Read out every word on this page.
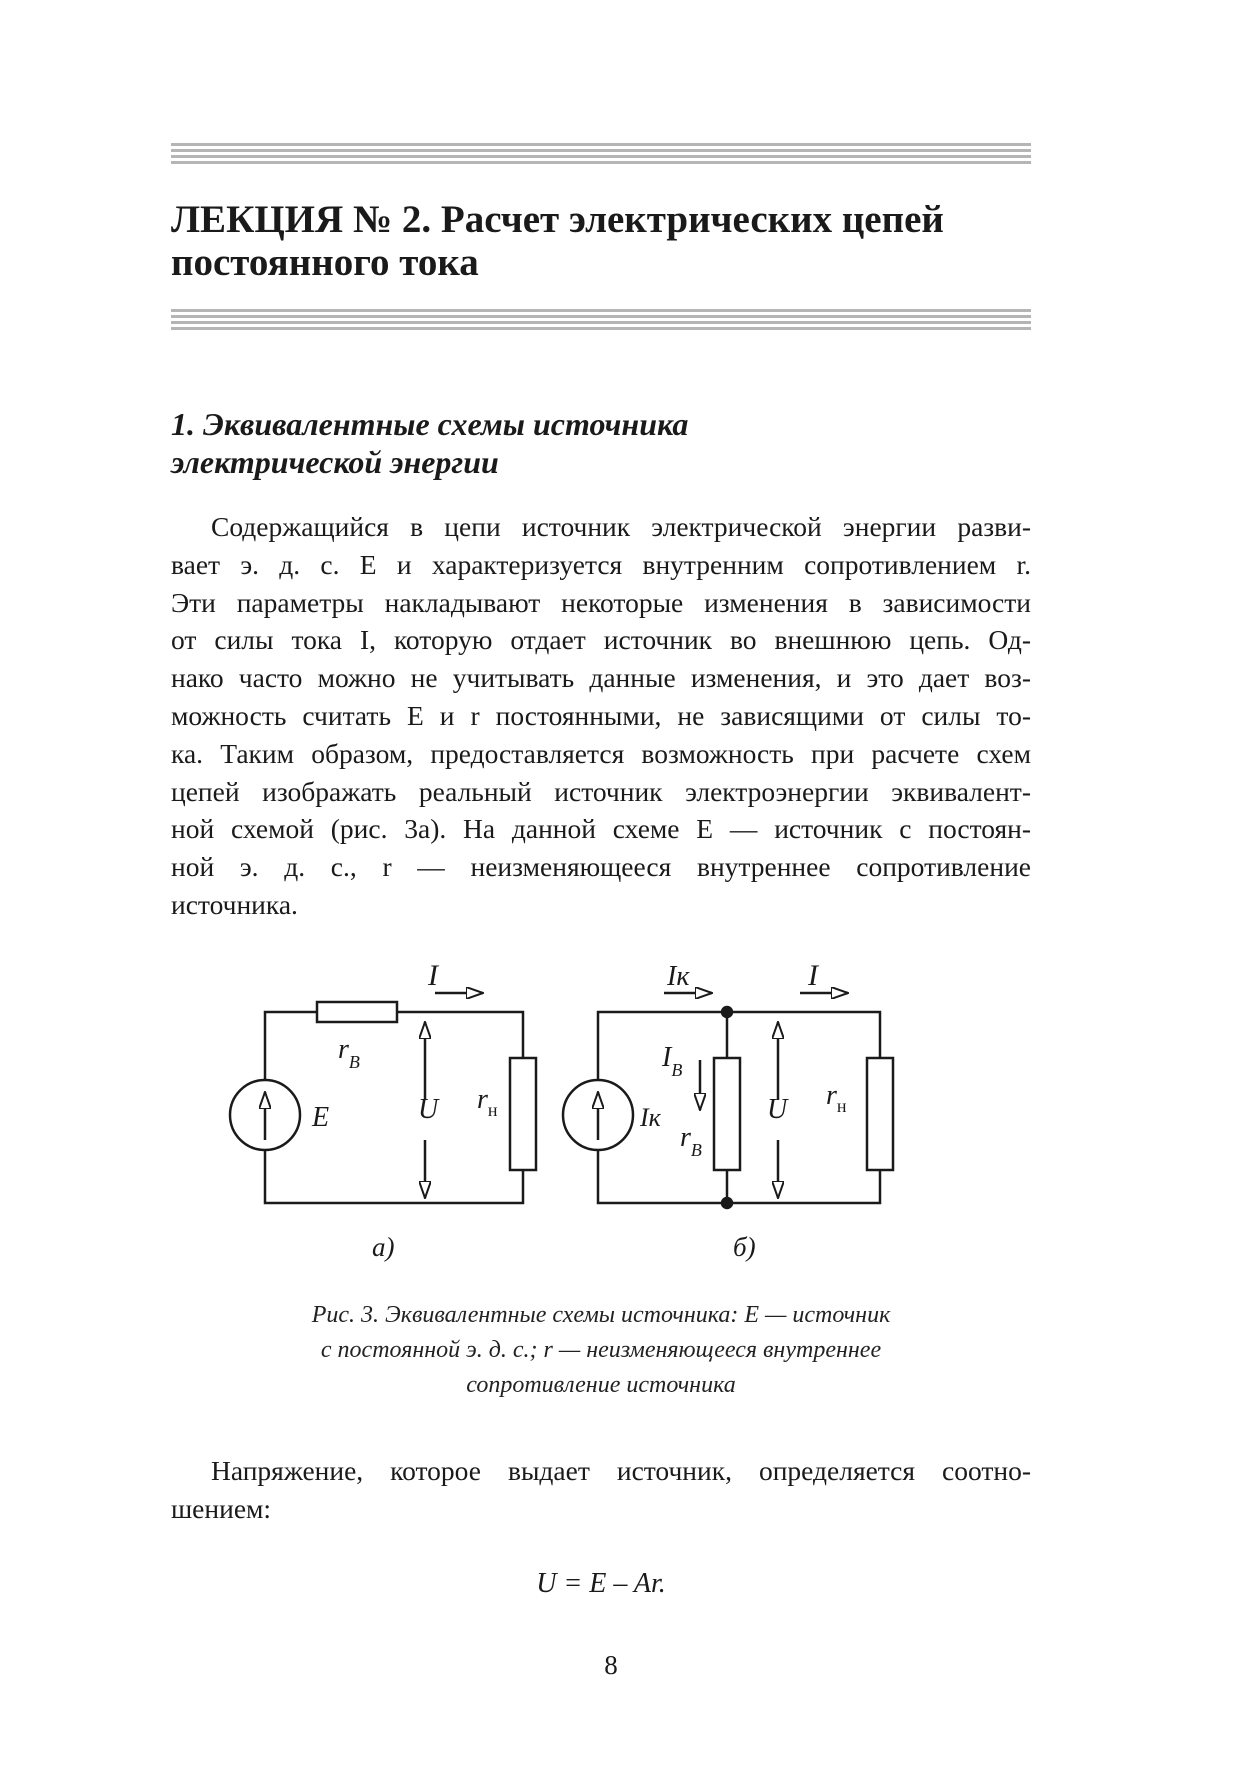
ЛЕКЦИЯ № 2. Расчет электрических цепей
постоянного тока
1. Эквивалентные схемы источника
электрической энергии
Содержащийся в цепи источник электрической энергии разви-
вает э. д. с. E и характеризуется внутренним сопротивлением r.
Эти параметры накладывают некоторые изменения в зависимости
от силы тока I, которую отдает источник во внешнюю цепь. Од-
нако часто можно не учитывать данные изменения, и это дает воз-
можность считать E и r постоянными, не зависящими от силы то-
ка. Таким образом, предоставляется возможность при расчете схем
цепей изображать реальный источник электроэнергии эквивалент-
ной схемой (рис. 3а). На данной схеме E — источник с постоян-
ной э. д. с., r — неизменяющееся внутреннее сопротивление
источника.
I
$r_B$
E	U $r_н$
а)
Iк	I
$I_B$
Iк
$r_B$
U $r_н$
б)
Рис. 3. Эквивалентные схемы источника: E — источник
с постоянной э. д. с.; r — неизменяющееся внутреннее
сопротивление источника
Напряжение, которое выдает источник, определяется соотно-
шением:
U = E – Ar.
8
